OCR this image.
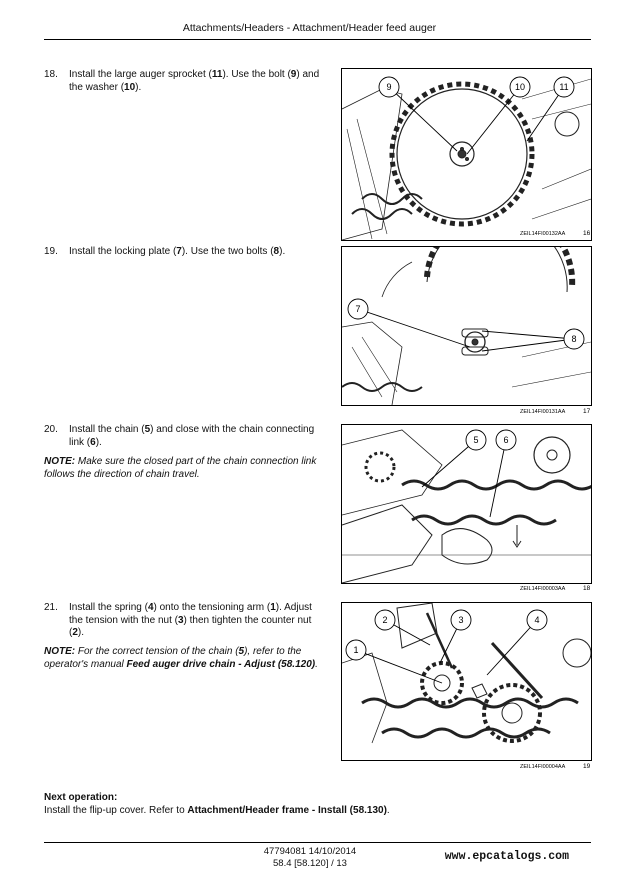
Attachments/Headers - Attachment/Header feed auger
18. Install the large auger sprocket (11). Use the bolt (9) and the washer (10).	9	10	11
ZEIL14FI00132AA	16
19. Install the locking plate (7). Use the two bolts (8).
7
8
ZEIL14FI00131AA	17
20. Install the chain (5) and close with the chain connecting link (6).
NOTE: Make sure the closed part of the chain connection link follows the direction of chain travel.
5	6
ZEIL14FI00003AA	18
21. Install the spring (4) onto the tensioning arm (1). Adjust the tension with the nut (3) then tighten the counter nut (2).
NOTE: For the correct tension of the chain (5), refer to the operator's manual Feed auger drive chain - Adjust (58.120).
2	3	4
1
ZEIL14FI00004AA	19
Next operation:
Install the flip-up cover. Refer to Attachment/Header frame - Install (58.130).
47794081 14/10/2014
58.4 [58.120] / 13
www.epcatalogs.com
